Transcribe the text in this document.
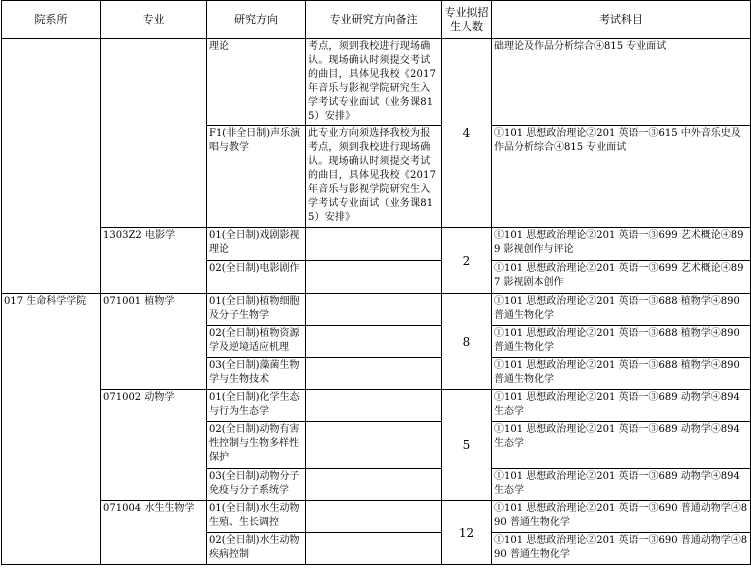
院系所	专业	研究方向	专业研究方向备注	专业拟招生人数	考试科目
		理论	考点，须到我校进行现场确认。现场确认时须提交考试的曲目，具体见我校《2017年音乐与影视学院研究生入学考试专业面试（业务课815）安排》	4	础理论及作品分析综合④815 专业面试
		F1(非全日制)声乐演唱与教学	此专业方向须选择我校为报考点，须到我校进行现场确认。现场确认时须提交考试的曲目，具体见我校《2017年音乐与影视学院研究生入学考试专业面试（业务课815）安排》		①101 思想政治理论②201 英语一③615 中外音乐史及作品分析综合④815 专业面试
	1303Z2 电影学	01(全日制)戏剧影视理论		2	①101 思想政治理论②201 英语一③699 艺术概论④899 影视创作与评论
		02(全日制)电影剧作			①101 思想政治理论②201 英语一③699 艺术概论④897 影视剧本创作
017 生命科学学院	071001 植物学	01(全日制)植物细胞及分子生物学		8	①101 思想政治理论②201 英语一③688 植物学④890 普通生物化学
		02(全日制)植物资源学及逆境适应机理			①101 思想政治理论②201 英语一③688 植物学④890 普通生物化学
		03(全日制)藻菌生物学与生物技术			①101 思想政治理论②201 英语一③688 植物学④890 普通生物化学
	071002 动物学	01(全日制)化学生态与行为生态学		5	①101 思想政治理论②201 英语一③689 动物学④894 生态学
		02(全日制)动物有害性控制与生物多样性保护			①101 思想政治理论②201 英语一③689 动物学④894 生态学
		03(全日制)动物分子免疫与分子系统学			①101 思想政治理论②201 英语一③689 动物学④894 生态学
	071004 水生生物学	01(全日制)水生动物生殖、生长调控		12	①101 思想政治理论②201 英语一③690 普通动物学④890 普通生物化学
		02(全日制)水生动物疾病控制			①101 思想政治理论②201 英语一③690 普通动物学④890 普通生物化学
